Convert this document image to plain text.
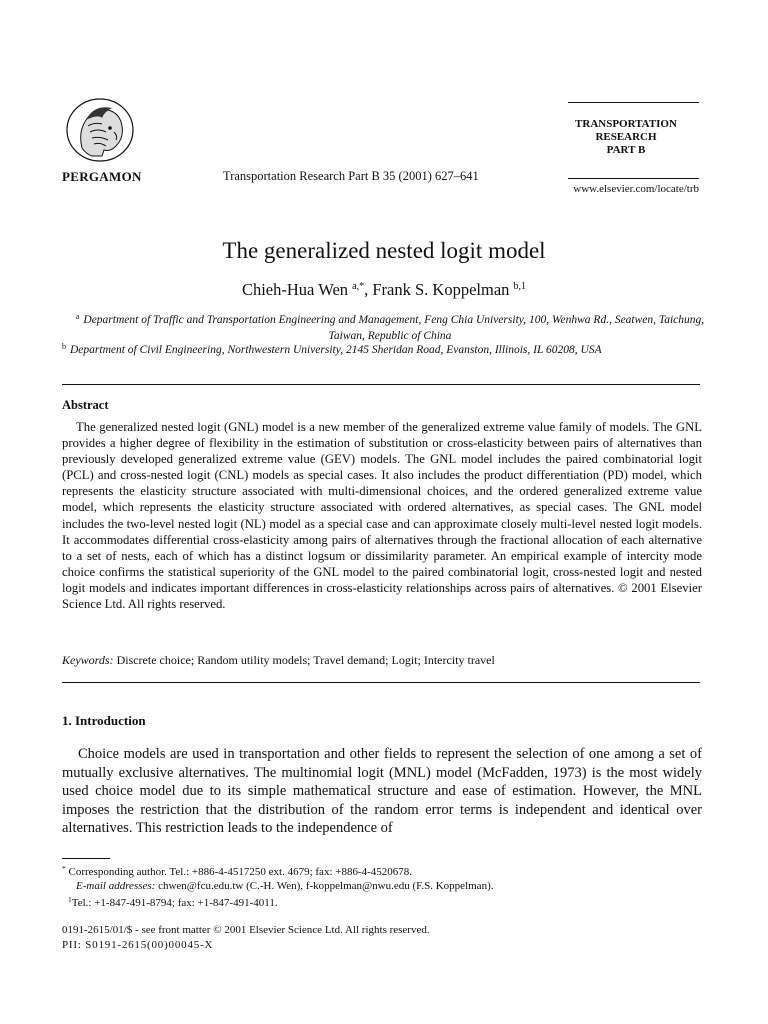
PERGAMON	Transportation Research Part B 35 (2001) 627–641
TRANSPORTATION
RESEARCH
PART B
www.elsevier.com/locate/trb
The generalized nested logit model
Chieh-Hua Wen $^{a,*}$, Frank S. Koppelman $^{b,1}$
$^a$ Department of Traffic and Transportation Engineering and Management, Feng Chia University, 100, Wenhwa Rd., Seatwen, Taichung, Taiwan, Republic of China
$^b$ Department of Civil Engineering, Northwestern University, 2145 Sheridan Road, Evanston, Illinois, IL 60208, USA
Abstract
The generalized nested logit (GNL) model is a new member of the generalized extreme value family of models. The GNL provides a higher degree of flexibility in the estimation of substitution or cross-elasticity between pairs of alternatives than previously developed generalized extreme value (GEV) models. The GNL model includes the paired combinatorial logit (PCL) and cross-nested logit (CNL) models as special cases. It also includes the product differentiation (PD) model, which represents the elasticity structure associated with multi-dimensional choices, and the ordered generalized extreme value model, which represents the elasticity structure associated with ordered alternatives, as special cases. The GNL model includes the two-level nested logit (NL) model as a special case and can approximate closely multi-level nested logit models. It accommodates differential cross-elasticity among pairs of alternatives through the fractional allocation of each alternative to a set of nests, each of which has a distinct logsum or dissimilarity parameter. An empirical example of intercity mode choice confirms the statistical superiority of the GNL model to the paired combinatorial logit, cross-nested logit and nested logit models and indicates important differences in cross-elasticity relationships across pairs of alternatives. © 2001 Elsevier Science Ltd. All rights reserved.
Keywords: Discrete choice; Random utility models; Travel demand; Logit; Intercity travel
1. Introduction
Choice models are used in transportation and other fields to represent the selection of one among a set of mutually exclusive alternatives. The multinomial logit (MNL) model (McFadden, 1973) is the most widely used choice model due to its simple mathematical structure and ease of estimation. However, the MNL imposes the restriction that the distribution of the random error terms is independent and identical over alternatives. This restriction leads to the independence of
* Corresponding author. Tel.: +886-4-4517250 ext. 4679; fax: +886-4-4520678.
E-mail addresses: chwen@fcu.edu.tw (C.-H. Wen), f-koppelman@nwu.edu (F.S. Koppelman).
$^1$Tel.: +1-847-491-8794; fax: +1-847-491-4011.
0191-2615/01/$ - see front matter © 2001 Elsevier Science Ltd. All rights reserved.
PII: S0191-2615(00)00045-X
